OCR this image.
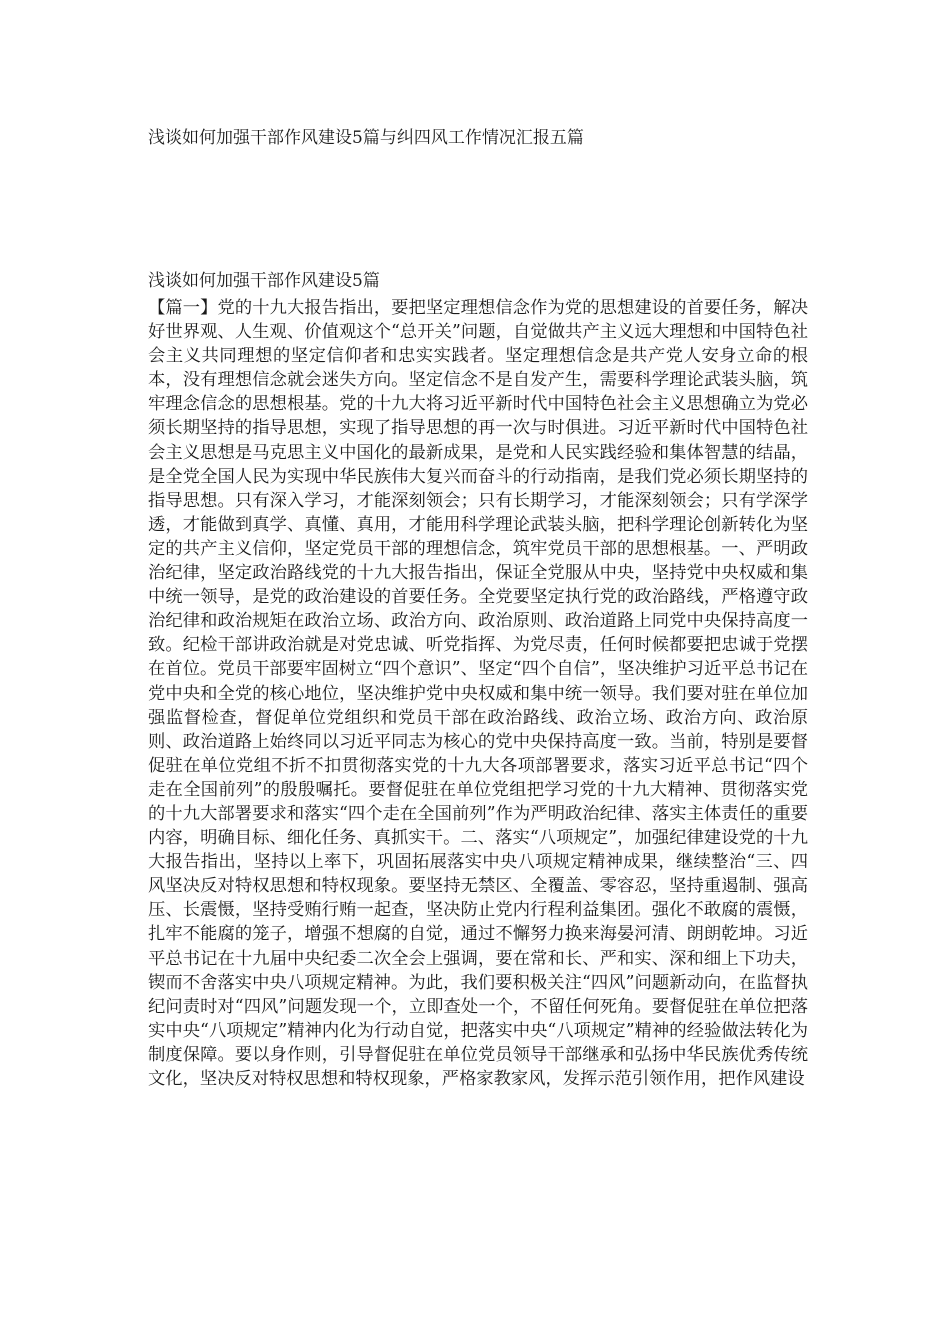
浅谈如何加强干部作风建设5篇与纠四风工作情况汇报五篇
浅谈如何加强干部作风建设5篇

【篇一】党的十九大报告指出，要把坚定理想信念作为党的思想建设的首要任务，解决好世界观、人生观、价值观这个“总开关”问题，自觉做共产主义远大理想和中国特色社会主义共同理想的坚定信仰者和忠实实践者。坚定理想信念是共产党人安身立命的根本，没有理想信念就会迷失方向。坚定信念不是自发产生，需要科学理论武装头脑，筑牢理念信念的思想根基。党的十九大将习近平新时代中国特色社会主义思想确立为党必须长期坚持的指导思想，实现了指导思想的再一次与时俱进。习近平新时代中国特色社会主义思想是马克思主义中国化的最新成果，是党和人民实践经验和集体智慧的结晶，是全党全国人民为实现中华民族伟大复兴而奋斗的行动指南，是我们党必须长期坚持的指导思想。只有深入学习，才能深刻领会；只有长期学习，才能深刻领会；只有学深学透，才能做到真学、真懂、真用，才能用科学理论武装头脑，把科学理论创新转化为坚定的共产主义信仰，坚定党员干部的理想信念，筑牢党员干部的思想根基。一、严明政治纪律，坚定政治路线党的十九大报告指出，保证全党服从中央，坚持党中央权威和集中统一领导，是党的政治建设的首要任务。全党要坚定执行党的政治路线，严格遵守政治纪律和政治规矩在政治立场、政治方向、政治原则、政治道路上同党中央保持高度一致。纪检干部讲政治就是对党忠诚、听党指挥、为党尽责，任何时候都要把忠诚于党摆在首位。党员干部要牢固树立“四个意识”、坚定“四个自信”，坚决维护习近平总书记在党中央和全党的核心地位，坚决维护党中央权威和集中统一领导。我们要对驻在单位加强监督检查，督促单位党组织和党员干部在政治路线、政治立场、政治方向、政治原则、政治道路上始终同以习近平同志为核心的党中央保持高度一致。当前，特别是要督促驻在单位党组不折不扣贯彻落实党的十九大各项部署要求，落实习近平总书记“四个走在全国前列”的殷殷嘱托。要督促驻在单位党组把学习党的十九大精神、贯彻落实党的十九大部署要求和落实“四个走在全国前列”作为严明政治纪律、落实主体责任的重要内容，明确目标、细化任务、真抓实干。二、落实“八项规定”，加强纪律建设党的十九大报告指出，坚持以上率下，巩固拓展落实中央八项规定精神成果，继续整治“三、四风坚决反对特权思想和特权现象。要坚持无禁区、全覆盖、零容忍，坚持重遏制、强高压、长震慑，坚持受贿行贿一起查，坚决防止党内行程利益集团。强化不敢腐的震慑，扎牢不能腐的笼子，增强不想腐的自觉，通过不懈努力换来海晏河清、朗朗乾坤。习近平总书记在十九届中央纪委二次全会上强调，要在常和长、严和实、深和细上下功夫，锲而不舍落实中央八项规定精神。为此，我们要积极关注“四风”问题新动向，在监督执纪问责时对“四风”问题发现一个，立即查处一个，不留任何死角。要督促驻在单位把落实中央“八项规定”精神内化为行动自觉，把落实中央“八项规定”精神的经验做法转化为制度保障。要以身作则，引导督促驻在单位党员领导干部继承和弘扬中华民族优秀传统文化，坚决反对特权思想和特权现象，严格家教家风，发挥示范引领作用，把作风建设
